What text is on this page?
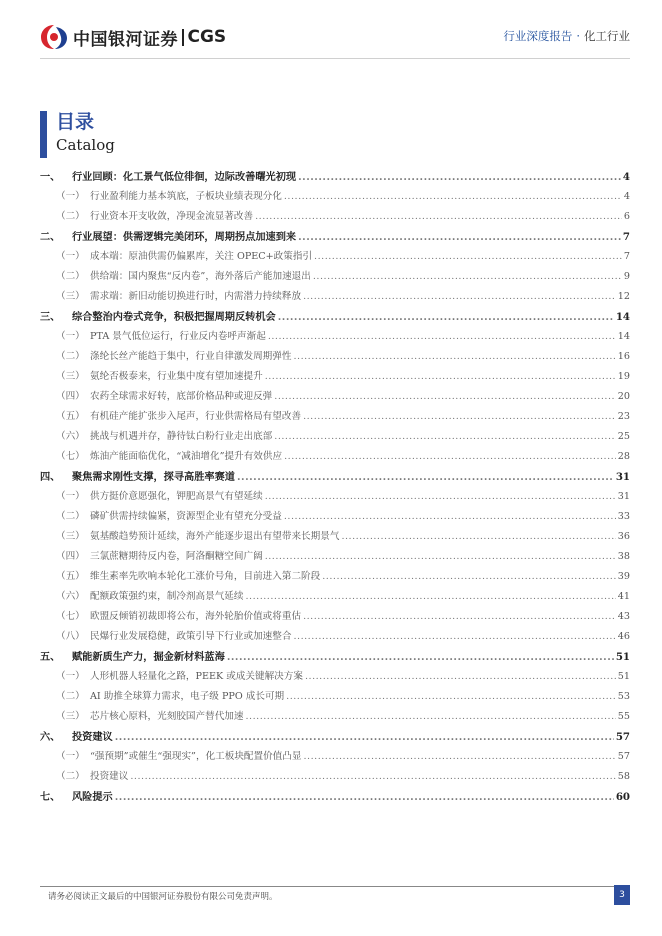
中国银河证券 CGS	行业深度报告 · 化工行业
目录
Catalog
一、	行业回顾：化工景气低位徘徊，边际改善曙光初现 .....	4
（一） 行业盈利能力基本筑底，子板块业绩表现分化 .....	4
（二） 行业资本开支收敛，净现金流显著改善 .....	6
二、	行业展望：供需逻辑完美闭环，周期拐点加速到来 .....	7
（一） 成本端：原油供需仍偏累库，关注 OPEC+政策指引 .....	7
（二） 供给端：国内聚焦“反内卷”，海外落后产能加速退出 .....	9
（三） 需求端：新旧动能切换进行时，内需潜力持续释放 .....	12
三、	综合整治内卷式竞争，积极把握周期反转机会 .....	14
（一） PTA 景气低位运行，行业反内卷呼声渐起 .....	14
（二） 涤纶长丝产能趋于集中，行业自律激发周期弹性 .....	16
（三） 氨纶否极泰来，行业集中度有望加速提升 .....	19
（四） 农药全球需求好转，底部价格品种或迎反弹 .....	20
（五） 有机硅产能扩张步入尾声，行业供需格局有望改善 .....	23
（六） 挑战与机遇并存，静待钛白粉行业走出底部 .....	25
（七） 炼油产能面临优化，“减油增化”提升有效供应 .....	28
四、	聚焦需求刚性支撑，探寻高胜率赛道 .....	31
（一） 供方挺价意愿强化，钾肥高景气有望延续 .....	31
（二） 磷矿供需持续偏紧，资源型企业有望充分受益 .....	33
（三） 氨基酸趋势预计延续，海外产能逐步退出有望带来长期景气 .....	36
（四） 三氯蔗糖期待反内卷，阿洛酮糖空间广阔 .....	38
（五） 维生素率先吹响本轮化工涨价号角，目前进入第二阶段 .....	39
（六） 配额政策强约束，制冷剂高景气延续 .....	41
（七） 欧盟反倾销初裁即将公布，海外轮胎价值或将重估 .....	43
（八） 民爆行业发展稳健，政策引导下行业或加速整合 .....	46
五、	赋能新质生产力，掘金新材料蓝海 .....	51
（一） 人形机器人轻量化之路，PEEK 或成关键解决方案 .....	51
（二） AI 助推全球算力需求，电子级 PPO 成长可期 .....	53
（三） 芯片核心原料，光刻胶国产替代加速 .....	55
六、	投资建议 .....	57
（一） “强预期”或催生“强现实”，化工板块配置价值凸显 .....	57
（二） 投资建议 .....	58
七、	风险提示 .....	60
请务必阅读正文最后的中国银河证券股份有限公司免责声明。	3
